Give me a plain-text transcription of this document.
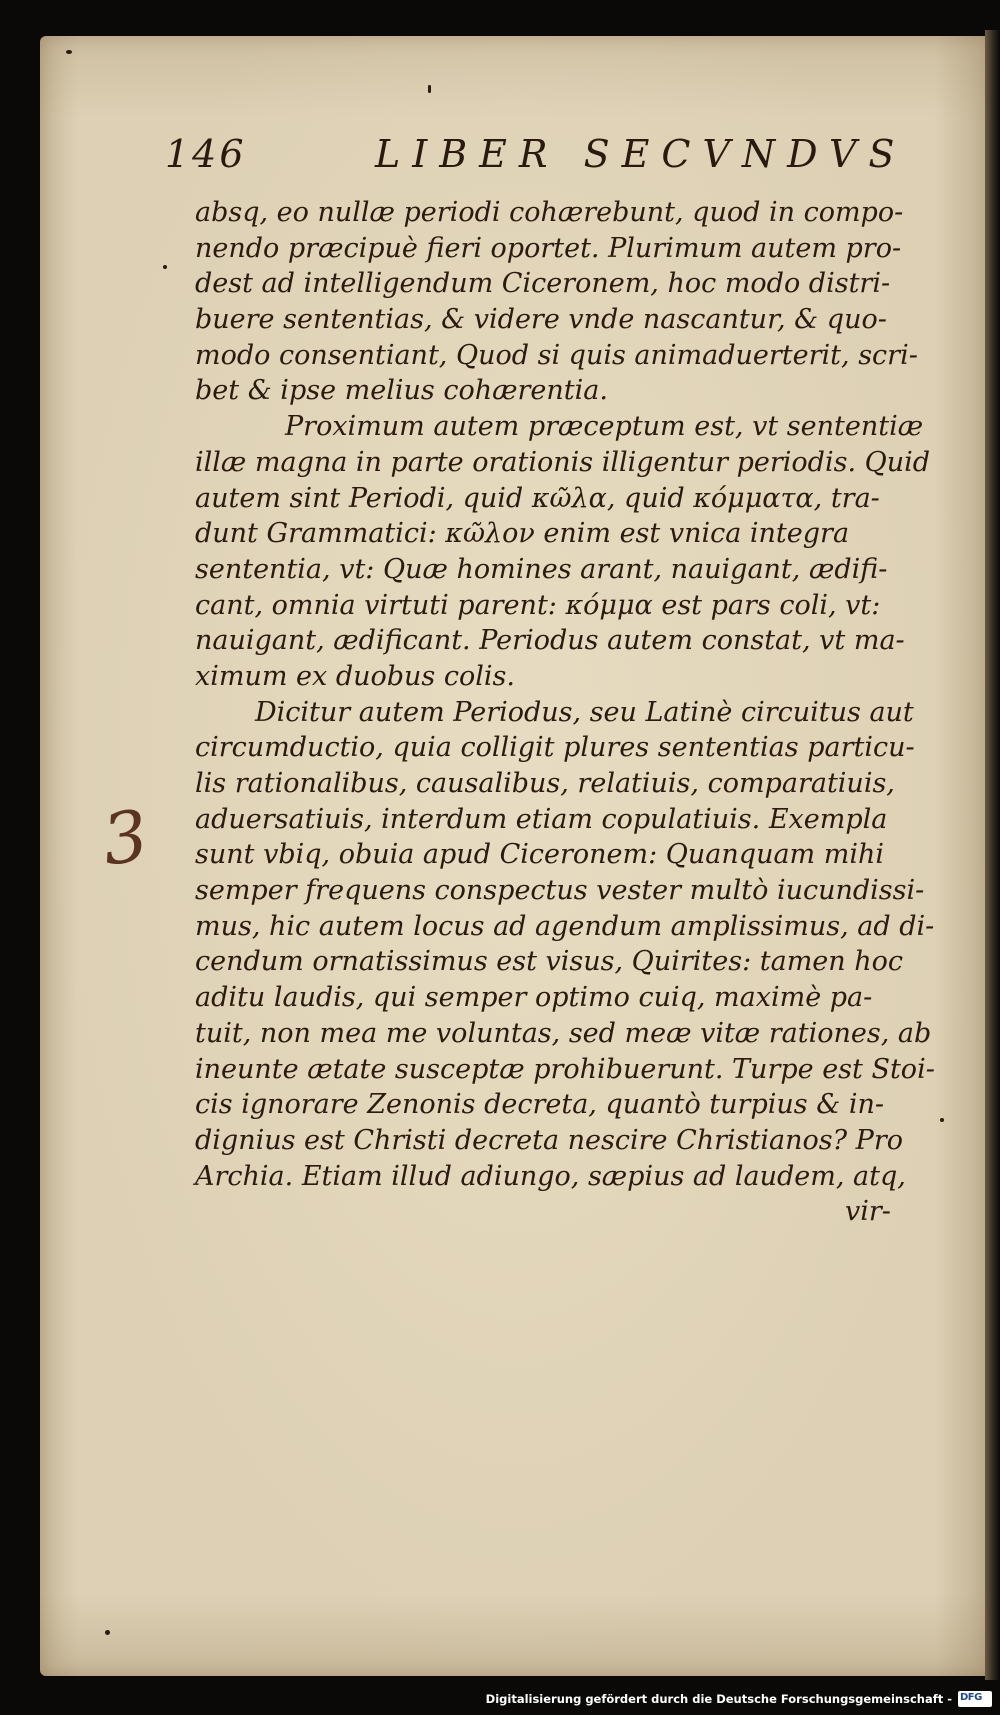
146	LIBER SECVNDVS
3
absq, eo nullæ periodi cohærebunt, quod in compo-
nendo præcipuè fieri oportet. Plurimum autem pro-
dest ad intelligendum Ciceronem, hoc modo distri-
buere sententias, & videre vnde nascantur, & quo-
modo consentiant, Quod si quis animaduerterit, scri-
bet & ipse melius cohærentia.
Proximum autem præceptum est, vt sententiæ
illæ magna in parte orationis illigentur periodis. Quid
autem sint Periodi, quid κῶλα, quid κόμματα, tra-
dunt Grammatici: κῶλον enim est vnica integra
sententia, vt: Quæ homines arant, nauigant, ædifi-
cant, omnia virtuti parent: κόμμα est pars coli, vt:
nauigant, ædificant. Periodus autem constat, vt ma-
ximum ex duobus colis.
Dicitur autem Periodus, seu Latinè circuitus aut
circumductio, quia colligit plures sententias particu-
lis rationalibus, causalibus, relatiuis, comparatiuis,
aduersatiuis, interdum etiam copulatiuis. Exempla
sunt vbiq, obuia apud Ciceronem: Quanquam mihi
semper frequens conspectus vester multò iucundissi-
mus, hic autem locus ad agendum amplissimus, ad di-
cendum ornatissimus est visus, Quirites: tamen hoc
aditu laudis, qui semper optimo cuiq, maximè pa-
tuit, non mea me voluntas, sed meæ vitæ rationes, ab
ineunte ætate susceptæ prohibuerunt. Turpe est Stoi-
cis ignorare Zenonis decreta, quantò turpius & in-
dignius est Christi decreta nescire Christianos? Pro
Archia. Etiam illud adiungo, sæpius ad laudem, atq,
vir-
Digitalisierung gefördert durch die Deutsche Forschungsgemeinschaft - DFG
